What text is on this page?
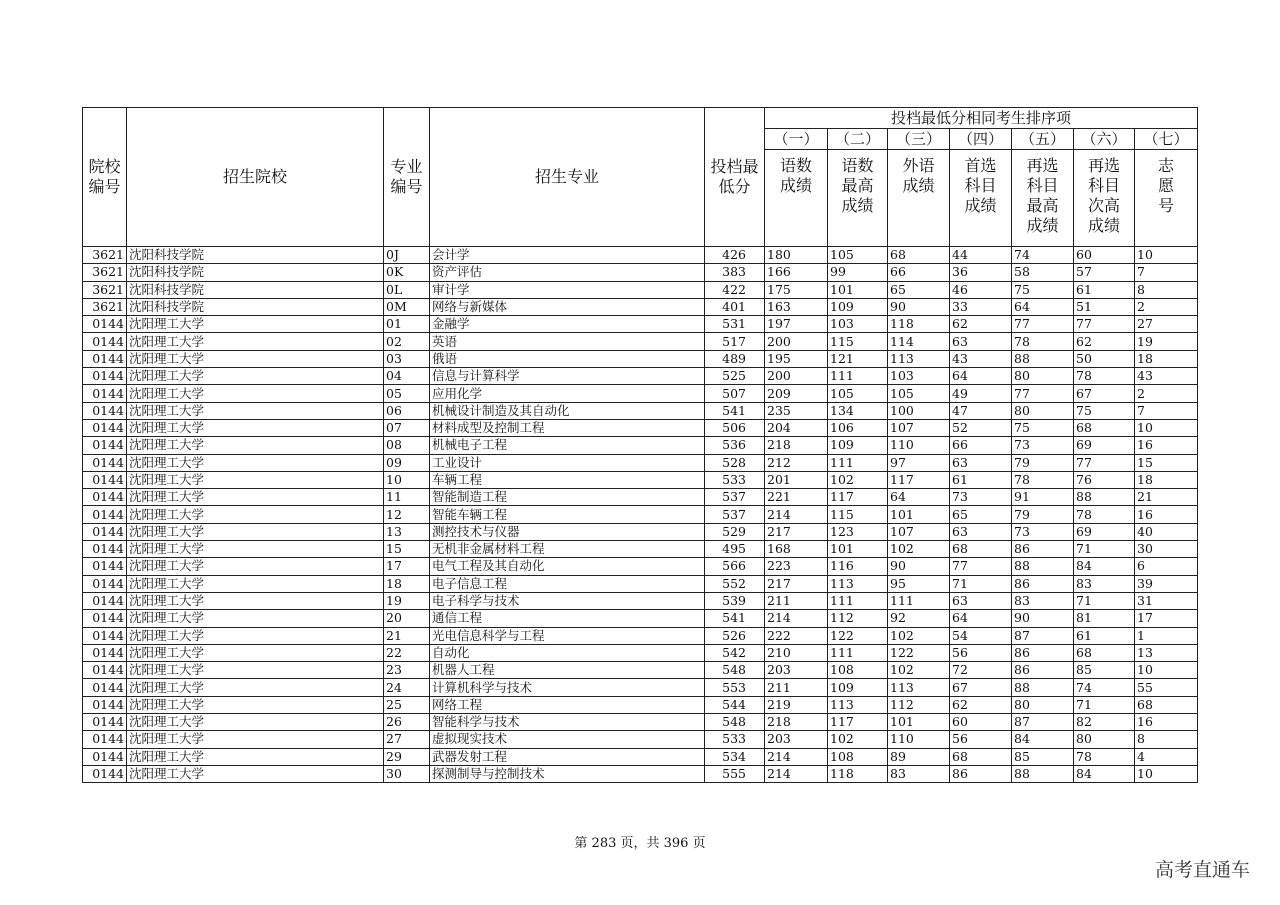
院校编号	招生院校	专业编号	招生专业	投档最低分	投档最低分相同考生排序项						
					（一）	（二）	（三）	（四）	（五）	（六）	（七）
					语数成绩	语数最高成绩	外语成绩	首选科目成绩	再选科目最高成绩	再选科目次高成绩	志愿号
3621	沈阳科技学院	0J	会计学	426	180	105	68	44	74	60	10
3621	沈阳科技学院	0K	资产评估	383	166	99	66	36	58	57	7
3621	沈阳科技学院	0L	审计学	422	175	101	65	46	75	61	8
3621	沈阳科技学院	0M	网络与新媒体	401	163	109	90	33	64	51	2
0144	沈阳理工大学	01	金融学	531	197	103	118	62	77	77	27
0144	沈阳理工大学	02	英语	517	200	115	114	63	78	62	19
0144	沈阳理工大学	03	俄语	489	195	121	113	43	88	50	18
0144	沈阳理工大学	04	信息与计算科学	525	200	111	103	64	80	78	43
0144	沈阳理工大学	05	应用化学	507	209	105	105	49	77	67	2
0144	沈阳理工大学	06	机械设计制造及其自动化	541	235	134	100	47	80	75	7
0144	沈阳理工大学	07	材料成型及控制工程	506	204	106	107	52	75	68	10
0144	沈阳理工大学	08	机械电子工程	536	218	109	110	66	73	69	16
0144	沈阳理工大学	09	工业设计	528	212	111	97	63	79	77	15
0144	沈阳理工大学	10	车辆工程	533	201	102	117	61	78	76	18
0144	沈阳理工大学	11	智能制造工程	537	221	117	64	73	91	88	21
0144	沈阳理工大学	12	智能车辆工程	537	214	115	101	65	79	78	16
0144	沈阳理工大学	13	测控技术与仪器	529	217	123	107	63	73	69	40
0144	沈阳理工大学	15	无机非金属材料工程	495	168	101	102	68	86	71	30
0144	沈阳理工大学	17	电气工程及其自动化	566	223	116	90	77	88	84	6
0144	沈阳理工大学	18	电子信息工程	552	217	113	95	71	86	83	39
0144	沈阳理工大学	19	电子科学与技术	539	211	111	111	63	83	71	31
0144	沈阳理工大学	20	通信工程	541	214	112	92	64	90	81	17
0144	沈阳理工大学	21	光电信息科学与工程	526	222	122	102	54	87	61	1
0144	沈阳理工大学	22	自动化	542	210	111	122	56	86	68	13
0144	沈阳理工大学	23	机器人工程	548	203	108	102	72	86	85	10
0144	沈阳理工大学	24	计算机科学与技术	553	211	109	113	67	88	74	55
0144	沈阳理工大学	25	网络工程	544	219	113	112	62	80	71	68
0144	沈阳理工大学	26	智能科学与技术	548	218	117	101	60	87	82	16
0144	沈阳理工大学	27	虚拟现实技术	533	203	102	110	56	84	80	8
0144	沈阳理工大学	29	武器发射工程	534	214	108	89	68	85	78	4
0144	沈阳理工大学	30	探测制导与控制技术	555	214	118	83	86	88	84	10
第 283 页，共 396 页
高考直通车
